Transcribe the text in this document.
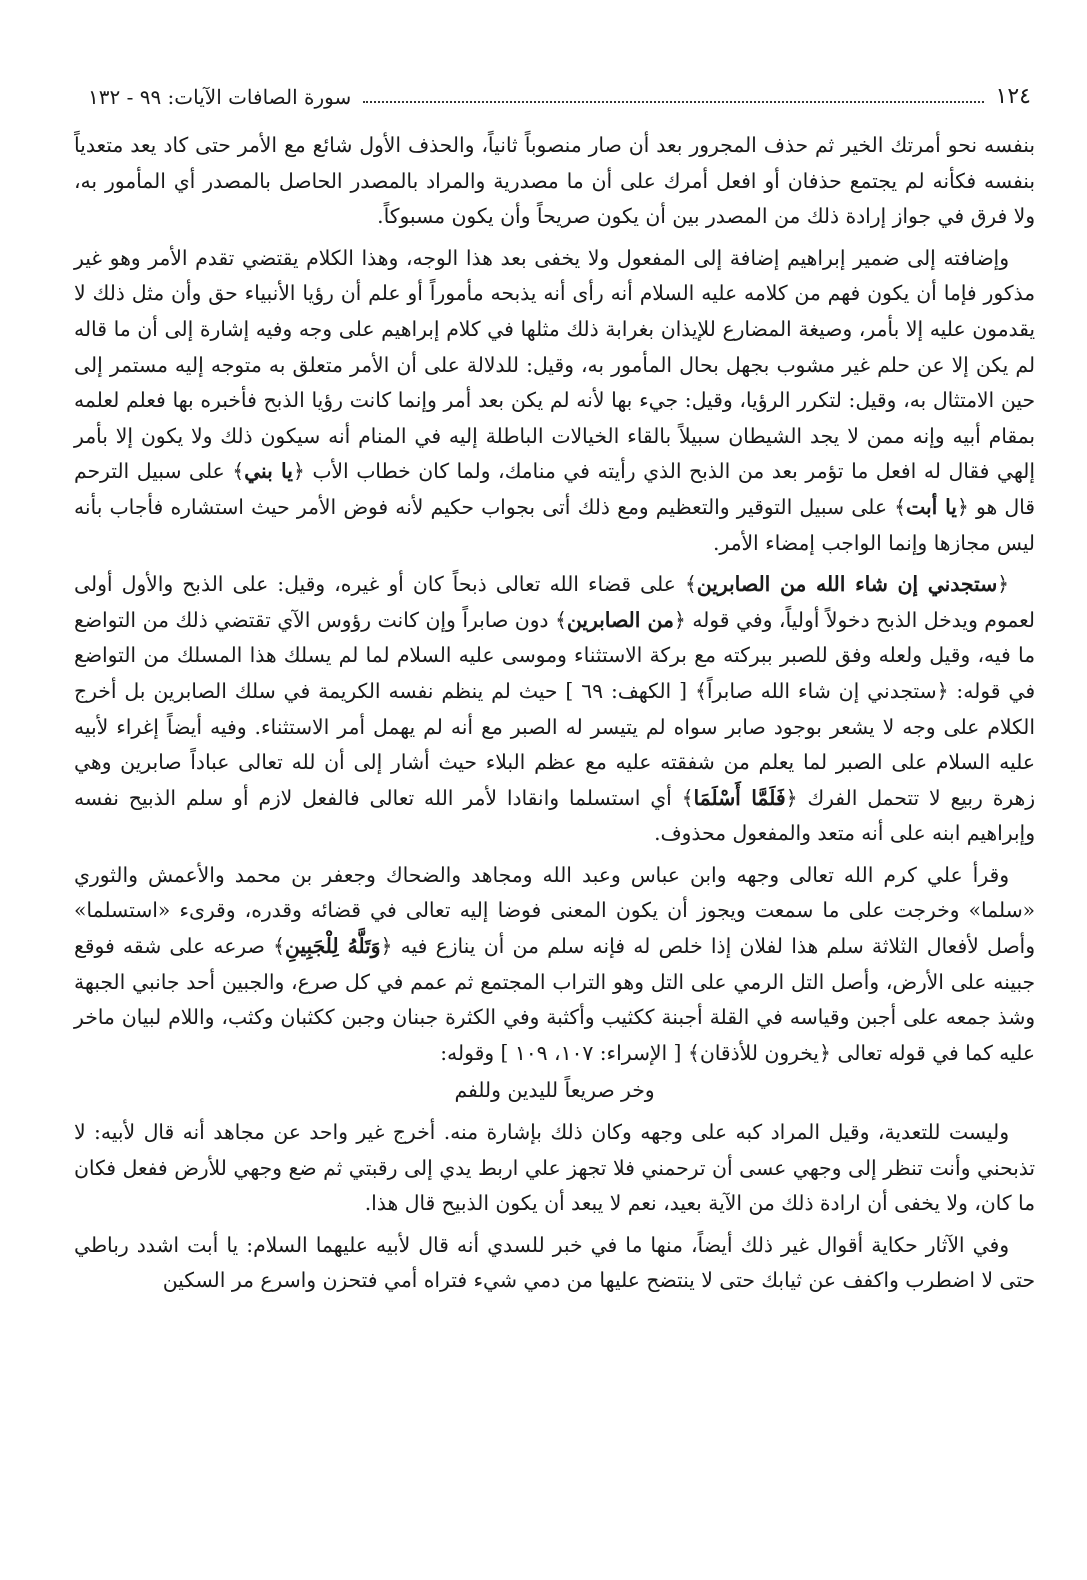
١٢٤
سورة الصافات الآيات: ٩٩ - ١٣٢

بنفسه نحو أمرتك الخير ثم حذف المجرور بعد أن صار منصوباً ثانياً، والحذف الأول شائع مع الأمر حتى كاد يعد متعدياً بنفسه فكأنه لم يجتمع حذفان أو افعل أمرك على أن ما مصدرية والمراد بالمصدر الحاصل بالمصدر أي المأمور به، ولا فرق في جواز إرادة ذلك من المصدر بين أن يكون صريحاً وأن يكون مسبوكاً.

وإضافته إلى ضمير إبراهيم إضافة إلى المفعول ولا يخفى بعد هذا الوجه، وهذا الكلام يقتضي تقدم الأمر وهو غير مذكور فإما أن يكون فهم من كلامه عليه السلام أنه رأى أنه يذبحه مأموراً أو علم أن رؤيا الأنبياء حق وأن مثل ذلك لا يقدمون عليه إلا بأمر، وصيغة المضارع للإيذان بغرابة ذلك مثلها في كلام إبراهيم على وجه وفيه إشارة إلى أن ما قاله لم يكن إلا عن حلم غير مشوب بجهل بحال المأمور به، وقيل: للدلالة على أن الأمر متعلق به متوجه إليه مستمر إلى حين الامتثال به، وقيل: لتكرر الرؤيا، وقيل: جيء بها لأنه لم يكن بعد أمر وإنما كانت رؤيا الذبح فأخبره بها فعلم لعلمه بمقام أبيه وإنه ممن لا يجد الشيطان سبيلاً بالقاء الخيالات الباطلة إليه في المنام أنه سيكون ذلك ولا يكون إلا بأمر إلهي فقال له افعل ما تؤمر بعد من الذبح الذي رأيته في منامك، ولما كان خطاب الأب ﴿يا بني﴾ على سبيل الترحم قال هو ﴿يا أبت﴾ على سبيل التوقير والتعظيم ومع ذلك أتى بجواب حكيم لأنه فوض الأمر حيث استشاره فأجاب بأنه ليس مجازها وإنما الواجب إمضاء الأمر.

﴿ستجدني إن شاء الله من الصابرين﴾ على قضاء الله تعالى ذبحاً كان أو غيره، وقيل: على الذبح والأول أولى لعموم ويدخل الذبح دخولاً أولياً، وفي قوله ﴿من الصابرين﴾ دون صابراً وإن كانت رؤوس الآي تقتضي ذلك من التواضع ما فيه، وقيل ولعله وفق للصبر ببركته مع بركة الاستثناء وموسى عليه السلام لما لم يسلك هذا المسلك من التواضع في قوله: ﴿ستجدني إن شاء الله صابراً﴾ [ الكهف: ٦٩ ] حيث لم ينظم نفسه الكريمة في سلك الصابرين بل أخرج الكلام على وجه لا يشعر بوجود صابر سواه لم يتيسر له الصبر مع أنه لم يهمل أمر الاستثناء. وفيه أيضاً إغراء لأبيه عليه السلام على الصبر لما يعلم من شفقته عليه مع عظم البلاء حيث أشار إلى أن لله تعالى عباداً صابرين وهي زهرة ربيع لا تتحمل الفرك ﴿فَلَمَّا أَسْلَمَا﴾ أي استسلما وانقادا لأمر الله تعالى فالفعل لازم أو سلم الذبيح نفسه وإبراهيم ابنه على أنه متعد والمفعول محذوف.

وقرأ علي كرم الله تعالى وجهه وابن عباس وعبد الله ومجاهد والضحاك وجعفر بن محمد والأعمش والثوري «سلما» وخرجت على ما سمعت ويجوز أن يكون المعنى فوضا إليه تعالى في قضائه وقدره، وقرىء «استسلما» وأصل لأفعال الثلاثة سلم هذا لفلان إذا خلص له فإنه سلم من أن ينازع فيه ﴿وَتَلَّهُ لِلْجَبِينِ﴾ صرعه على شقه فوقع جبينه على الأرض، وأصل التل الرمي على التل وهو التراب المجتمع ثم عمم في كل صرع، والجبين أحد جانبي الجبهة وشذ جمعه على أجبن وقياسه في القلة أجبنة ككثيب وأكثبة وفي الكثرة جبنان وجبن ككثبان وكثب، واللام لبيان ماخر عليه كما في قوله تعالى ﴿يخرون للأذقان﴾ [ الإسراء: ١٠٧، ١٠٩ ] وقوله:

وخر صريعاً لليدين وللفم

وليست للتعدية، وقيل المراد كبه على وجهه وكان ذلك بإشارة منه. أخرج غير واحد عن مجاهد أنه قال لأبيه: لا تذبحني وأنت تنظر إلى وجهي عسى أن ترحمني فلا تجهز علي اربط يدي إلى رقبتي ثم ضع وجهي للأرض ففعل فكان ما كان، ولا يخفى أن ارادة ذلك من الآية بعيد، نعم لا يبعد أن يكون الذبيح قال هذا.

وفي الآثار حكاية أقوال غير ذلك أيضاً، منها ما في خبر للسدي أنه قال لأبيه عليهما السلام: يا أبت اشدد رباطي حتى لا اضطرب واكفف عن ثيابك حتى لا ينتضح عليها من دمي شيء فتراه أمي فتحزن واسرع مر السكين
